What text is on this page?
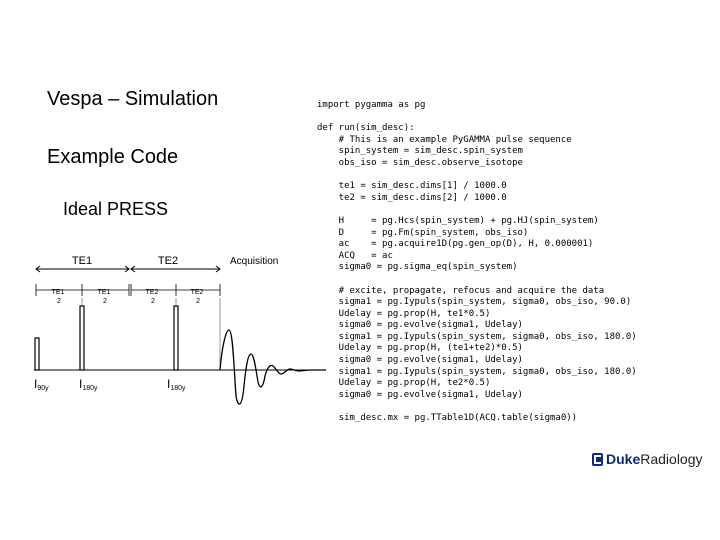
Vespa – Simulation
Example Code
Ideal PRESS
TE1	TE2	Acquisition
TE1 2
TE1 2
TE2 2
TE2 2
I90y	I180y	I180y
import pygamma as pg

def run(sim_desc):
# This is an example PyGAMMA pulse sequence
spin_system = sim_desc.spin_system
obs_iso = sim_desc.observe_isotope

te1 = sim_desc.dims[1] / 1000.0
te2 = sim_desc.dims[2] / 1000.0

H     = pg.Hcs(spin_system) + pg.HJ(spin_system)
D     = pg.Fm(spin_system, obs_iso)
ac    = pg.acquire1D(pg.gen_op(D), H, 0.000001)
ACQ   = ac
sigma0 = pg.sigma_eq(spin_system)

# excite, propagate, refocus and acquire the data
sigma1 = pg.Iypuls(spin_system, sigma0, obs_iso, 90.0)
Udelay = pg.prop(H, te1*0.5)
sigma0 = pg.evolve(sigma1, Udelay)
sigma1 = pg.Iypuls(spin_system, sigma0, obs_iso, 180.0)
Udelay = pg.prop(H, (te1+te2)*0.5)
sigma0 = pg.evolve(sigma1, Udelay)
sigma1 = pg.Iypuls(spin_system, sigma0, obs_iso, 180.0)
Udelay = pg.prop(H, te2*0.5)
sigma0 = pg.evolve(sigma1, Udelay)

sim_desc.mx = pg.TTable1D(ACQ.table(sigma0))
Duke Radiology
